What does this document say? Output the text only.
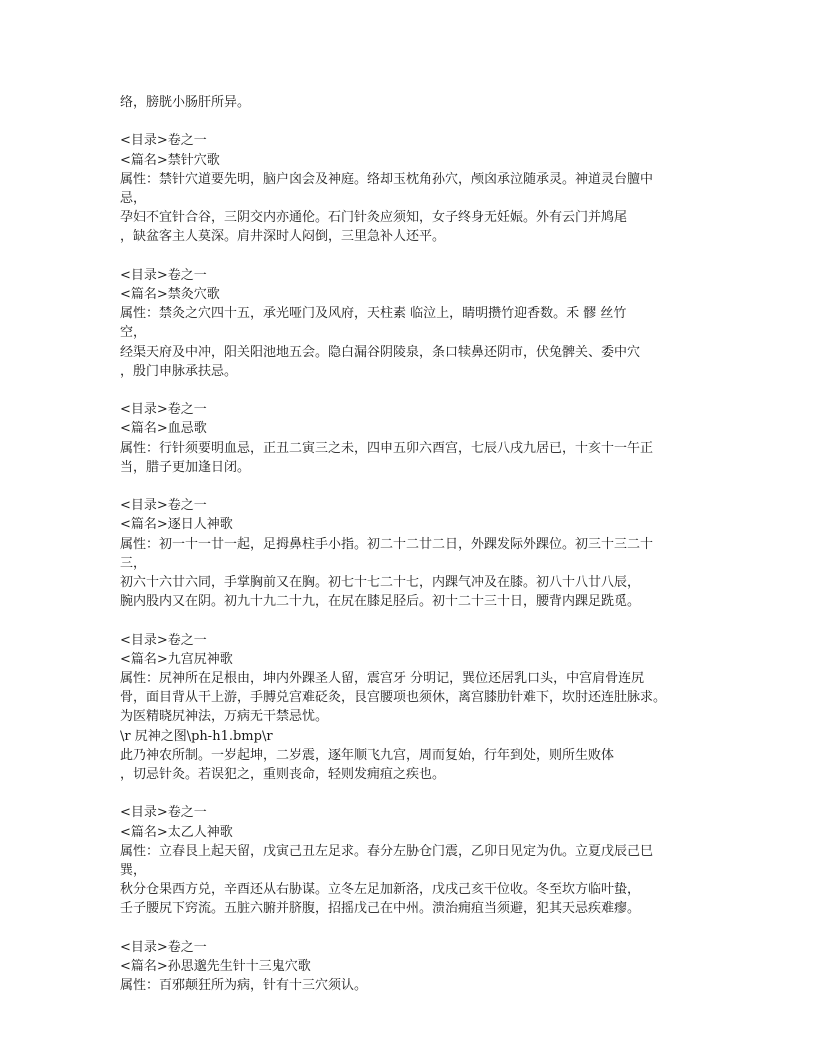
络，膀胱小肠肝所异。
<目录>卷之一
<篇名>禁针穴歌
属性：禁针穴道要先明，脑户囟会及神庭。络却玉枕角孙穴，颅囟承泣随承灵。神道灵台膻中
忌，
孕妇不宜针合谷，三阴交内亦通伦。石门针灸应须知，女子终身无妊娠。外有云门并鸠尾
，缺盆客主人莫深。肩井深时人闷倒，三里急补人还平。
<目录>卷之一
<篇名>禁灸穴歌
属性：禁灸之穴四十五，承光哑门及风府，天柱素 临泣上，睛明攒竹迎香数。禾 髎 丝竹
空，
经渠天府及中冲，阳关阳池地五会。隐白漏谷阴陵泉，条口犊鼻还阴市，伏兔髀关、委中穴
，殷门申脉承扶忌。
<目录>卷之一
<篇名>血忌歌
属性：行针须要明血忌，正丑二寅三之未，四申五卯六酉宫，七辰八戌九居已，十亥十一午正
当，腊子更加逢日闭。
<目录>卷之一
<篇名>逐日人神歌
属性：初一十一廿一起，足拇鼻柱手小指。初二十二廿二日，外踝发际外踝位。初三十三二十
三，
初六十六廿六同，手掌胸前又在胸。初七十七二十七，内踝气冲及在膝。初八十八廿八辰，
腕内股内又在阴。初九十九二十九，在尻在膝足胫后。初十二十三十日，腰背内踝足跣觅。
<目录>卷之一
<篇名>九宫尻神歌
属性：尻神所在足根由，坤内外踝圣人留，震宫牙 分明记，巽位还居乳口头，中宫肩骨连尻
骨，面目背从干上游，手膊兑宫难砭灸，艮宫腰项也须休，离宫膝肋针难下，坎肘还连肚脉求。
为医精晓尻神法，万病无干禁忌忧。
\r 尻神之图\ph-h1.bmp\r
此乃神农所制。一岁起坤，二岁震，逐年顺飞九宫，周而复始，行年到处，则所生败体
，切忌针灸。若误犯之，重则丧命，轻则发痈疽之疾也。
<目录>卷之一
<篇名>太乙人神歌
属性：立春艮上起天留，戊寅己丑左足求。春分左胁仓门震，乙卯日见定为仇。立夏戊辰己巳
巽，
秋分仓果西方兑，辛酉还从右胁谋。立冬左足加新洛，戊戌己亥干位收。冬至坎方临叶蛰，
壬子腰尻下窍流。五脏六腑并脐腹，招摇戊己在中州。溃治痈疽当须避，犯其天忌疾难瘳。
<目录>卷之一
<篇名>孙思邈先生针十三鬼穴歌
属性：百邪颠狂所为病，针有十三穴须认。
